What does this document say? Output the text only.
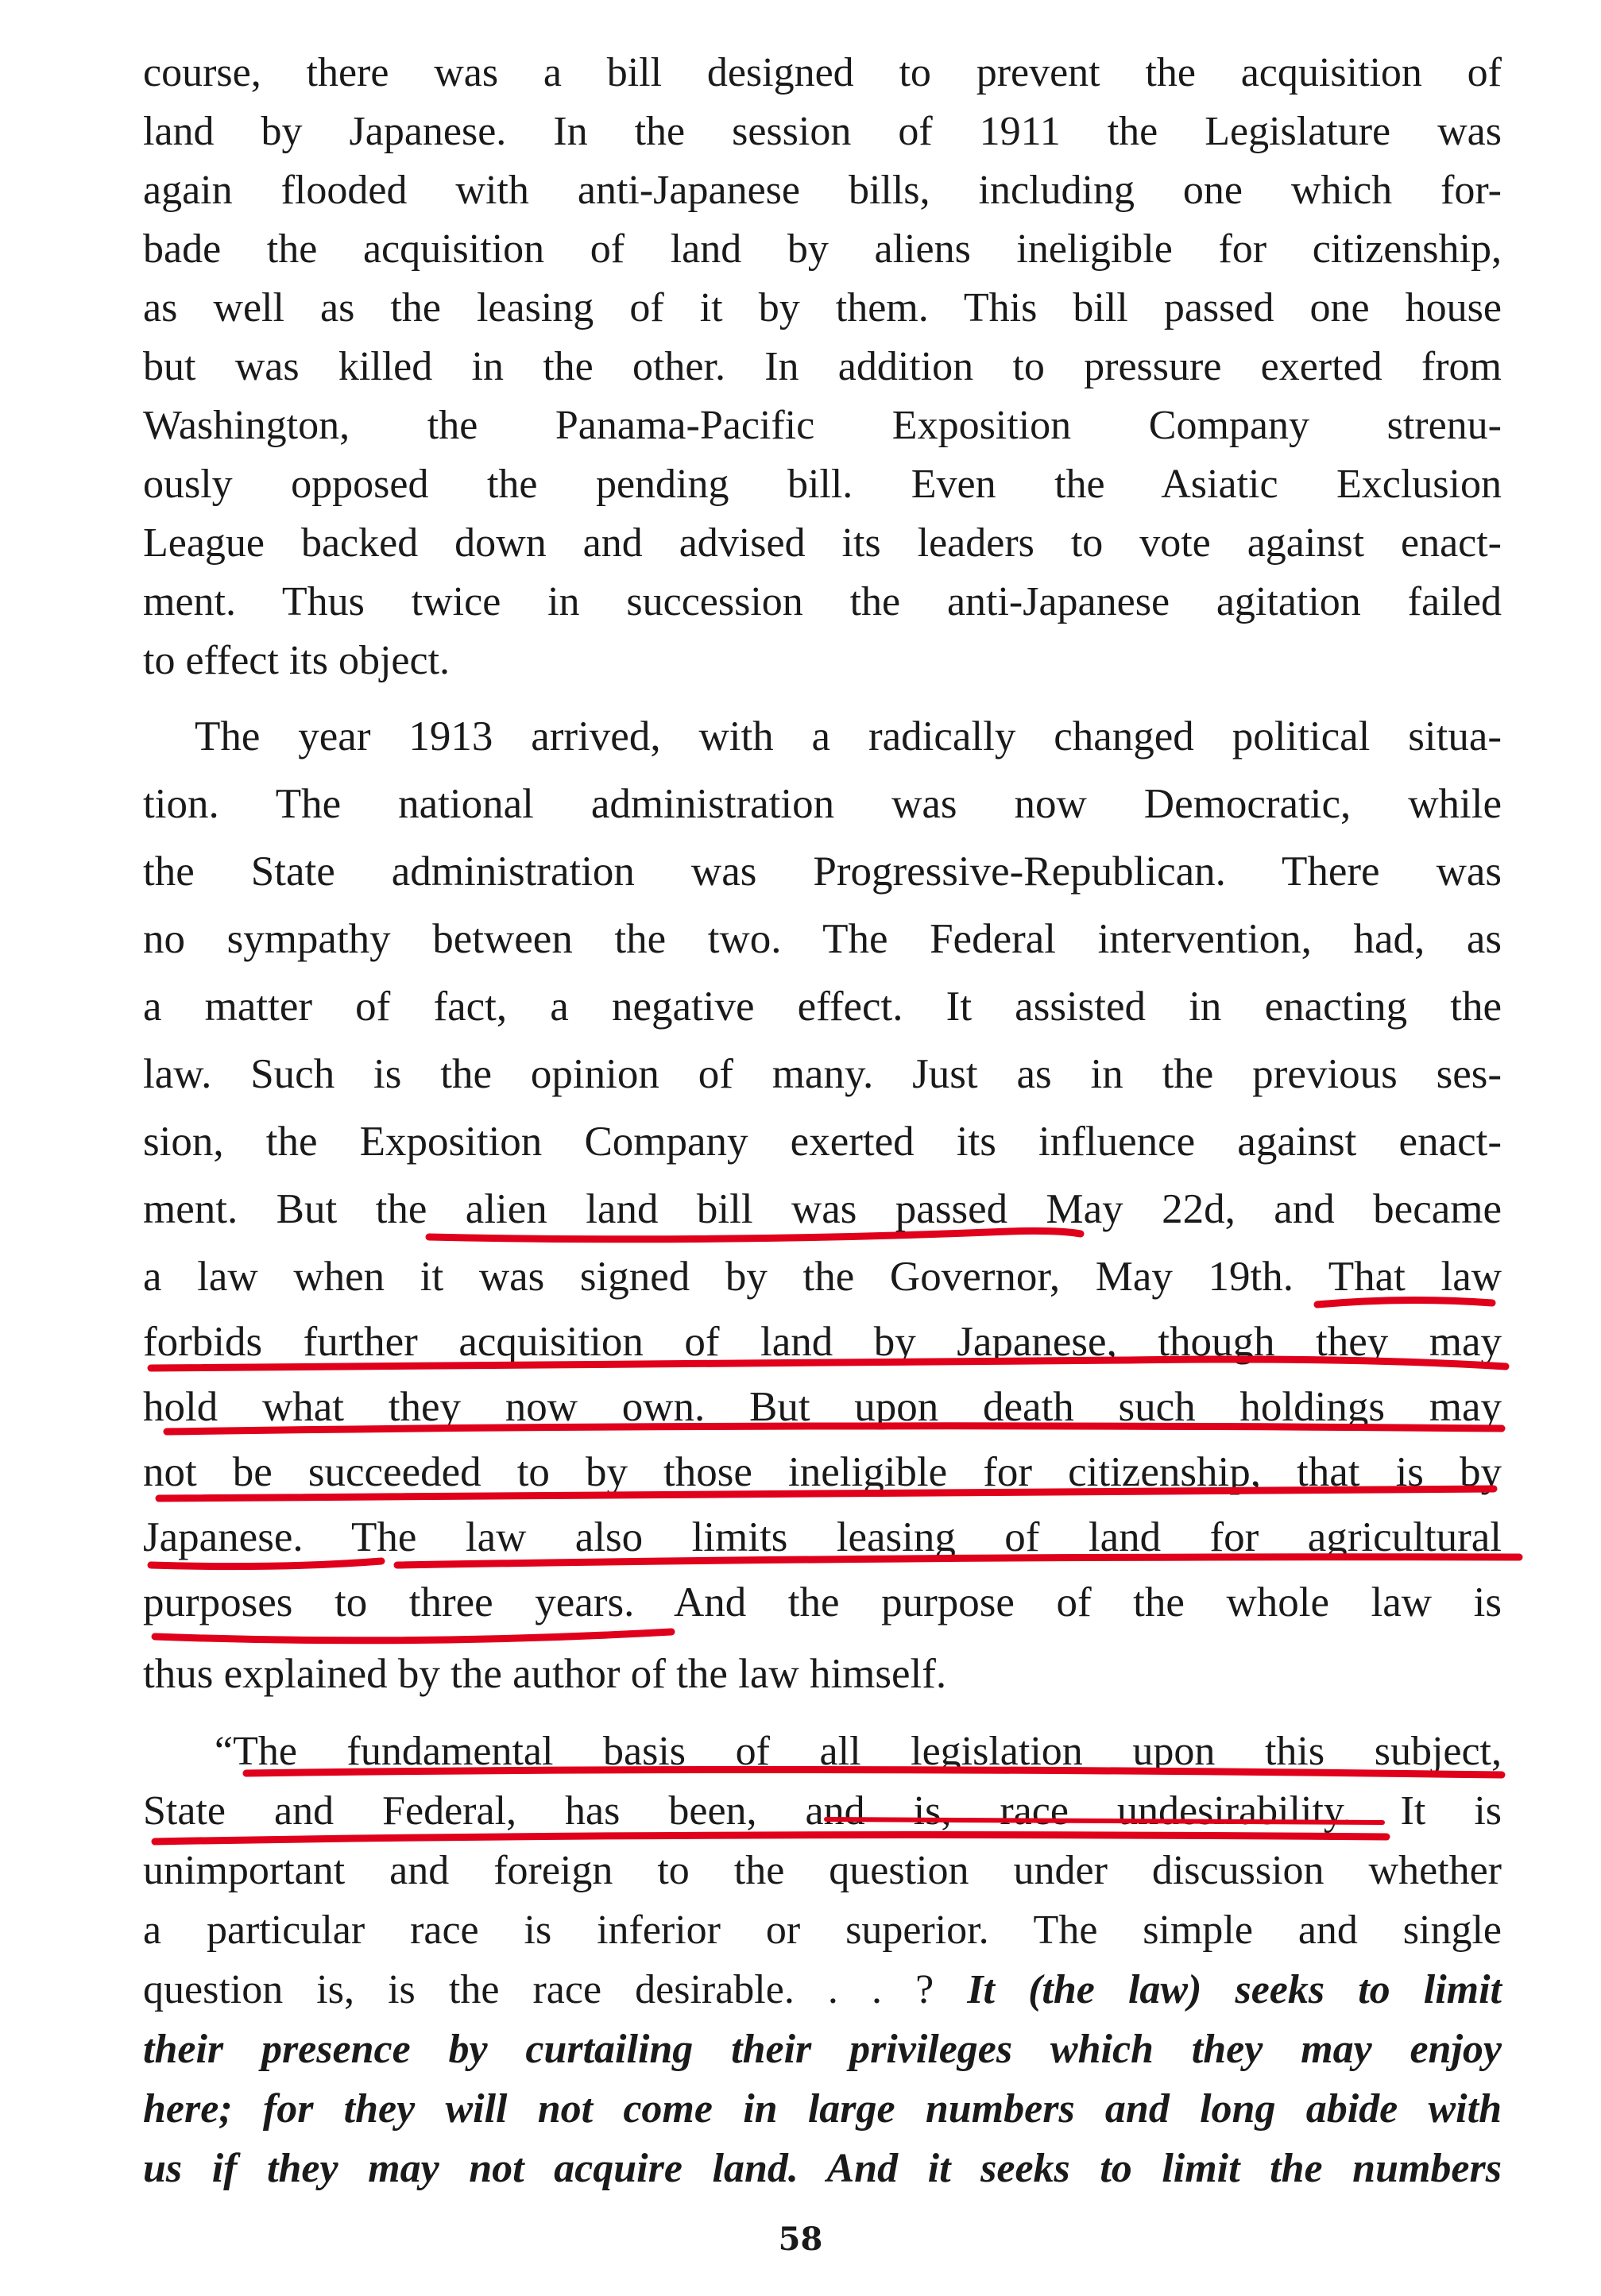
course, there was a bill designed to prevent the acquisition of
land by Japanese. In the session of 1911 the Legislature was
again flooded with anti-Japanese bills, including one which for-
bade the acquisition of land by aliens ineligible for citizenship,
as well as the leasing of it by them. This bill passed one house
but was killed in the other. In addition to pressure exerted from
Washington, the Panama-Pacific Exposition Company strenu-
ously opposed the pending bill. Even the Asiatic Exclusion
League backed down and advised its leaders to vote against enact-
ment. Thus twice in succession the anti-Japanese agitation failed
to effect its object.
The year 1913 arrived, with a radically changed political situa-
tion. The national administration was now Democratic, while
the State administration was Progressive-Republican. There was
no sympathy between the two. The Federal intervention, had, as
a matter of fact, a negative effect. It assisted in enacting the
law. Such is the opinion of many. Just as in the previous ses-
sion, the Exposition Company exerted its influence against enact-
ment. But the alien land bill was passed May 22d, and became
a law when it was signed by the Governor, May 19th. That law
forbids further acquisition of land by Japanese, though they may
hold what they now own. But upon death such holdings may
not be succeeded to by those ineligible for citizenship, that is by
Japanese. The law also limits leasing of land for agricultural
purposes to three years. And the purpose of the whole law is
thus explained by the author of the law himself.
“The fundamental basis of all legislation upon this subject,
State and Federal, has been, and is, race undesirability. It is
unimportant and foreign to the question under discussion whether
a particular race is inferior or superior. The simple and single
question is, is the race desirable. . . ? It (the law) seeks to limit
their presence by curtailing their privileges which they may enjoy
here; for they will not come in large numbers and long abide with
us if they may not acquire land. And it seeks to limit the numbers
58
